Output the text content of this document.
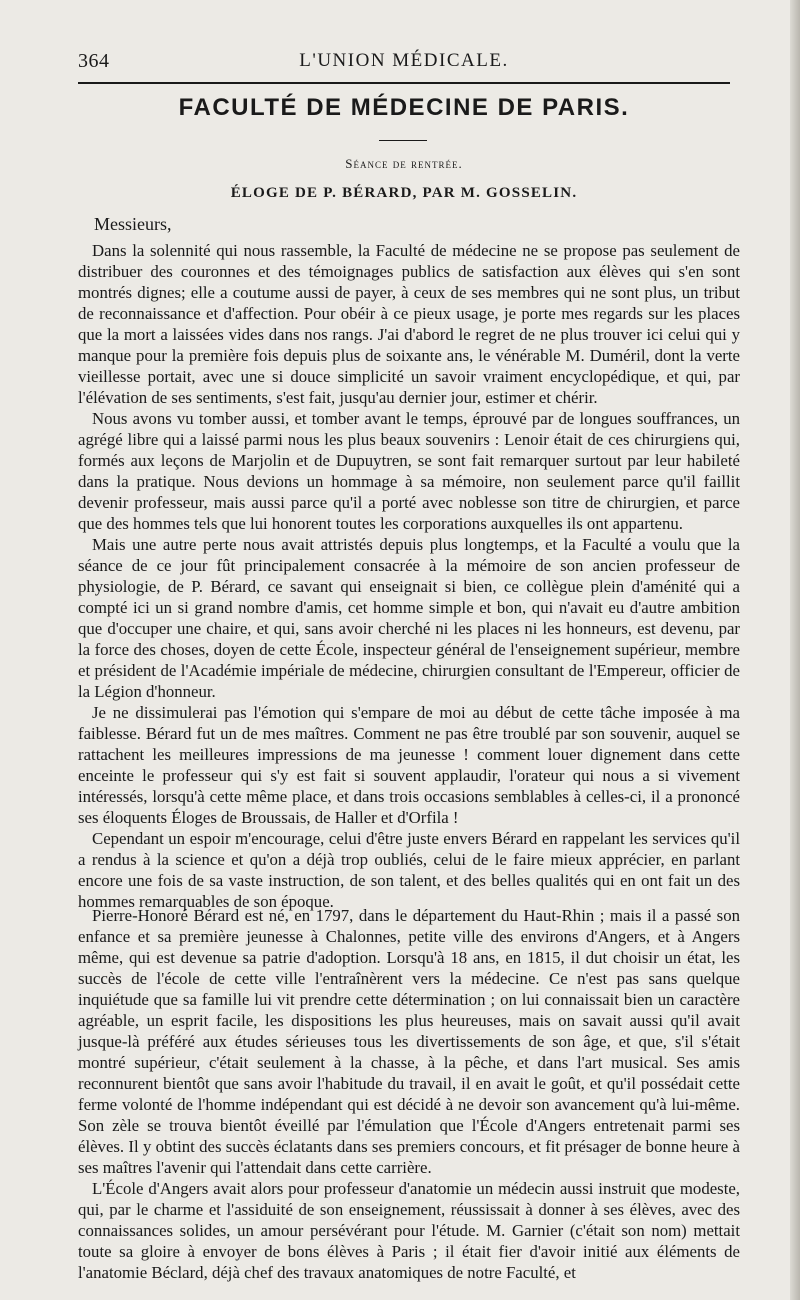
364	L'UNION MÉDICALE.
FACULTÉ DE MÉDECINE DE PARIS.
Séance de rentrée.
ÉLOGE DE P. BÉRARD, PAR M. GOSSELIN.
Messieurs,

Dans la solennité qui nous rassemble, la Faculté de médecine ne se propose pas seulement de distribuer des couronnes et des témoignages publics de satisfaction aux élèves qui s'en sont montrés dignes; elle a coutume aussi de payer, à ceux de ses membres qui ne sont plus, un tribut de reconnaissance et d'affection. Pour obéir à ce pieux usage, je porte mes regards sur les places que la mort a laissées vides dans nos rangs. J'ai d'abord le regret de ne plus trouver ici celui qui y manque pour la première fois depuis plus de soixante ans, le vénérable M. Duméril, dont la verte vieillesse portait, avec une si douce simplicité un savoir vraiment encyclopédique, et qui, par l'élévation de ses sentiments, s'est fait, jusqu'au dernier jour, estimer et chérir.

Nous avons vu tomber aussi, et tomber avant le temps, éprouvé par de longues souffrances, un agrégé libre qui a laissé parmi nous les plus beaux souvenirs : Lenoir était de ces chirurgiens qui, formés aux leçons de Marjolin et de Dupuytren, se sont fait remarquer surtout par leur habileté dans la pratique. Nous devions un hommage à sa mémoire, non seulement parce qu'il faillit devenir professeur, mais aussi parce qu'il a porté avec noblesse son titre de chirurgien, et parce que des hommes tels que lui honorent toutes les corporations auxquelles ils ont appartenu.

Mais une autre perte nous avait attristés depuis plus longtemps, et la Faculté a voulu que la séance de ce jour fût principalement consacrée à la mémoire de son ancien professeur de physiologie, de P. Bérard, ce savant qui enseignait si bien, ce collègue plein d'aménité qui a compté ici un si grand nombre d'amis, cet homme simple et bon, qui n'avait eu d'autre ambition que d'occuper une chaire, et qui, sans avoir cherché ni les places ni les honneurs, est devenu, par la force des choses, doyen de cette École, inspecteur général de l'enseignement supérieur, membre et président de l'Académie impériale de médecine, chirurgien consultant de l'Empereur, officier de la Légion d'honneur.

Je ne dissimulerai pas l'émotion qui s'empare de moi au début de cette tâche imposée à ma faiblesse. Bérard fut un de mes maîtres. Comment ne pas être troublé par son souvenir, auquel se rattachent les meilleures impressions de ma jeunesse ! comment louer dignement dans cette enceinte le professeur qui s'y est fait si souvent applaudir, l'orateur qui nous a si vivement intéressés, lorsqu'à cette même place, et dans trois occasions semblables à celles-ci, il a prononcé ses éloquents Éloges de Broussais, de Haller et d'Orfila !

Cependant un espoir m'encourage, celui d'être juste envers Bérard en rappelant les services qu'il a rendus à la science et qu'on a déjà trop oubliés, celui de le faire mieux apprécier, en parlant encore une fois de sa vaste instruction, de son talent, et des belles qualités qui en ont fait un des hommes remarquables de son époque.

Pierre-Honoré Bérard est né, en 1797, dans le département du Haut-Rhin ; mais il a passé son enfance et sa première jeunesse à Chalonnes, petite ville des environs d'Angers, et à Angers même, qui est devenue sa patrie d'adoption. Lorsqu'à 18 ans, en 1815, il dut choisir un état, les succès de l'école de cette ville l'entraînèrent vers la médecine. Ce n'est pas sans quelque inquiétude que sa famille lui vit prendre cette détermination ; on lui connaissait bien un caractère agréable, un esprit facile, les dispositions les plus heureuses, mais on savait aussi qu'il avait jusque-là préféré aux études sérieuses tous les divertissements de son âge, et que, s'il s'était montré supérieur, c'était seulement à la chasse, à la pêche, et dans l'art musical. Ses amis reconnurent bientôt que sans avoir l'habitude du travail, il en avait le goût, et qu'il possédait cette ferme volonté de l'homme indépendant qui est décidé à ne devoir son avancement qu'à lui-même. Son zèle se trouva bientôt éveillé par l'émulation que l'École d'Angers entretenait parmi ses élèves. Il y obtint des succès éclatants dans ses premiers concours, et fit présager de bonne heure à ses maîtres l'avenir qui l'attendait dans cette carrière.

L'École d'Angers avait alors pour professeur d'anatomie un médecin aussi instruit que modeste, qui, par le charme et l'assiduité de son enseignement, réussissait à donner à ses élèves, avec des connaissances solides, un amour persévérant pour l'étude. M. Garnier (c'était son nom) mettait toute sa gloire à envoyer de bons élèves à Paris ; il était fier d'avoir initié aux éléments de l'anatomie Béclard, déjà chef des travaux anatomiques de notre Faculté, et
